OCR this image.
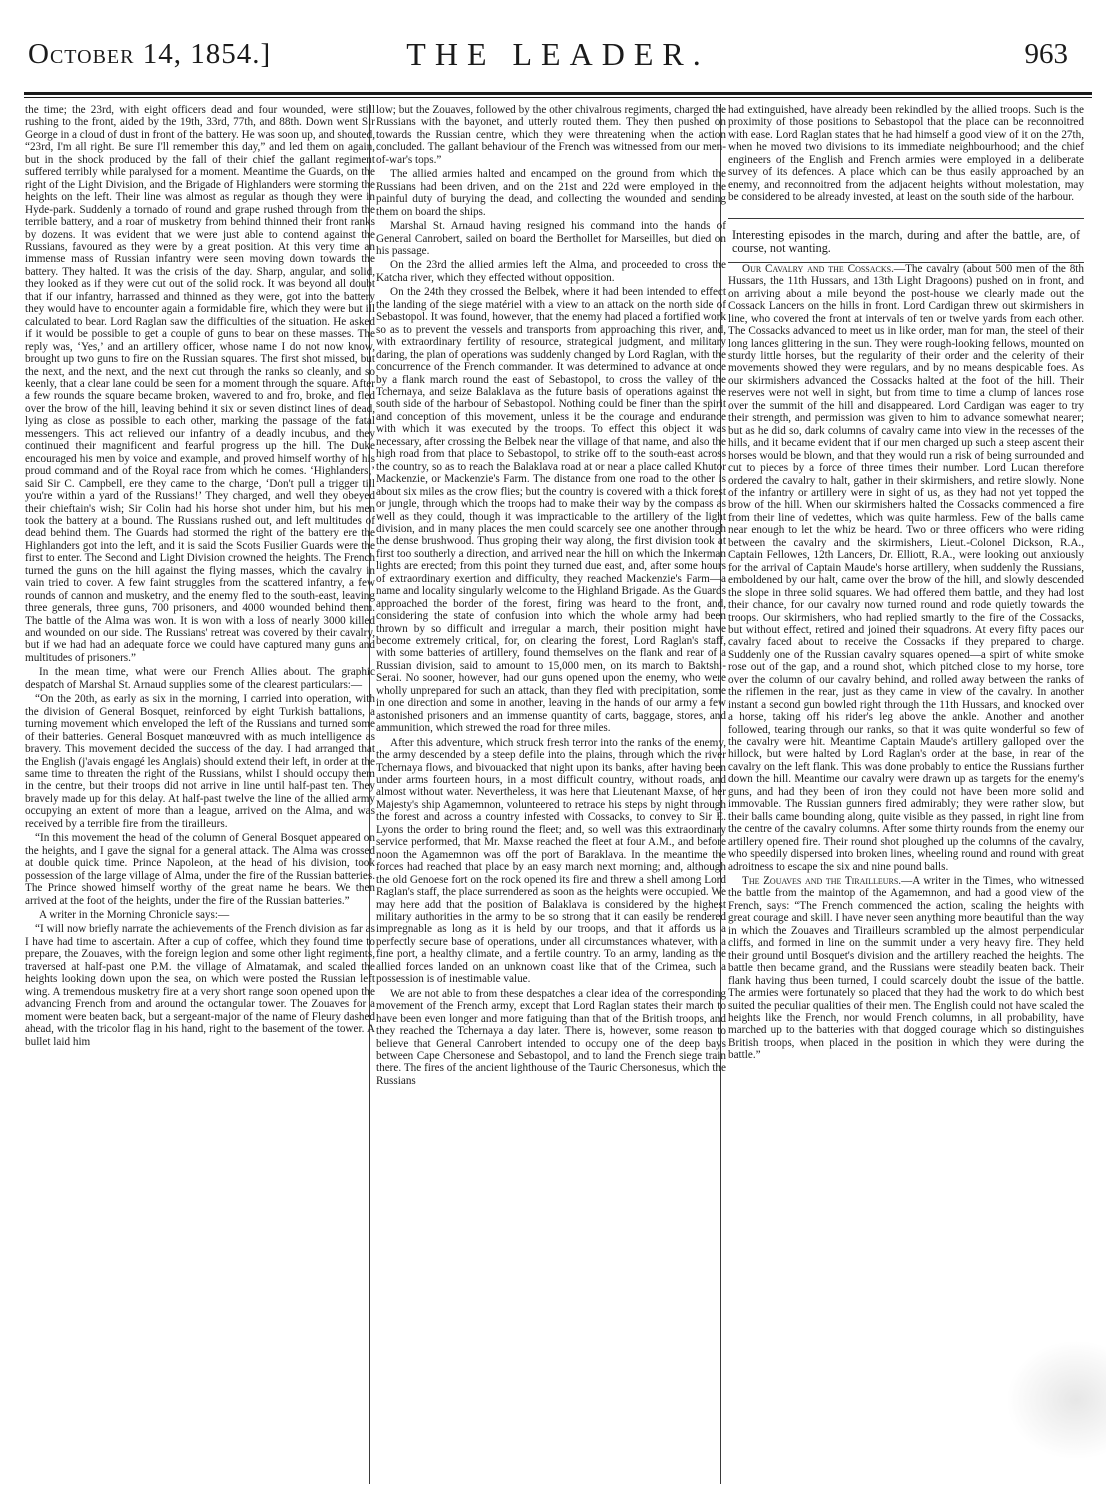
October 14, 1854.]	THE LEADER.	963

the time; the 23rd, with eight officers dead and four wounded, were still rushing to the front, aided by the 19th, 33rd, 77th, and 88th. Down went Sir George in a cloud of dust in front of the battery. He was soon up, and shouted, “23rd, I'm all right. Be sure I'll remember this day,” and led them on again, but in the shock produced by the fall of their chief the gallant regiment suffered terribly while paralysed for a moment. Meantime the Guards, on the right of the Light Division, and the Brigade of Highlanders were storming the heights on the left. Their line was almost as regular as though they were in Hyde-park. Suddenly a tornado of round and grape rushed through from the terrible battery, and a roar of musketry from behind thinned their front ranks by dozens. It was evident that we were just able to contend against the Russians, favoured as they were by a great position. At this very time an immense mass of Russian infantry were seen moving down towards the battery. They halted. It was the crisis of the day. Sharp, angular, and solid, they looked as if they were cut out of the solid rock. It was beyond all doubt that if our infantry, harrassed and thinned as they were, got into the battery they would have to encounter again a formidable fire, which they were but ill calculated to bear. Lord Raglan saw the difficulties of the situation. He asked if it would be possible to get a couple of guns to bear on these masses. The reply was, ‘Yes,’ and an artillery officer, whose name I do not now know, brought up two guns to fire on the Russian squares. The first shot missed, but the next, and the next, and the next cut through the ranks so cleanly, and so keenly, that a clear lane could be seen for a moment through the square. After a few rounds the square became broken, wavered to and fro, broke, and fled over the brow of the hill, leaving behind it six or seven distinct lines of dead, lying as close as possible to each other, marking the passage of the fatal messengers. This act relieved our infantry of a deadly incubus, and they continued their magnificent and fearful progress up the hill. The Duke encouraged his men by voice and example, and proved himself worthy of his proud command and of the Royal race from which he comes. ‘Highlanders,’ said Sir C. Campbell, ere they came to the charge, ‘Don't pull a trigger till you're within a yard of the Russians!’ They charged, and well they obeyed their chieftain's wish; Sir Colin had his horse shot under him, but his men took the battery at a bound. The Russians rushed out, and left multitudes of dead behind them. The Guards had stormed the right of the battery ere the Highlanders got into the left, and it is said the Scots Fusilier Guards were the first to enter. The Second and Light Division crowned the heights. The French turned the guns on the hill against the flying masses, which the cavalry in vain tried to cover. A few faint struggles from the scattered infantry, a few rounds of cannon and musketry, and the enemy fled to the south-east, leaving three generals, three guns, 700 prisoners, and 4000 wounded behind them. The battle of the Alma was won. It is won with a loss of nearly 3000 killed and wounded on our side. The Russians' retreat was covered by their cavalry, but if we had had an adequate force we could have captured many guns and multitudes of prisoners.”

In the mean time, what were our French Allies about. The graphic despatch of Marshal St. Arnaud supplies some of the clearest particulars:—

“On the 20th, as early as six in the morning, I carried into operation, with the division of General Bosquet, reinforced by eight Turkish battalions, a turning movement which enveloped the left of the Russians and turned some of their batteries. General Bosquet manœuvred with as much intelligence as bravery. This movement decided the success of the day. I had arranged that the English (j'avais engagé les Anglais) should extend their left, in order at the same time to threaten the right of the Russians, whilst I should occupy them in the centre, but their troops did not arrive in line until half-past ten. They bravely made up for this delay. At half-past twelve the line of the allied army occupying an extent of more than a league, arrived on the Alma, and was received by a terrible fire from the tirailleurs.

“In this movement the head of the column of General Bosquet appeared on the heights, and I gave the signal for a general attack. The Alma was crossed at double quick time. Prince Napoleon, at the head of his division, took possession of the large village of Alma, under the fire of the Russian batteries. The Prince showed himself worthy of the great name he bears. We then arrived at the foot of the heights, under the fire of the Russian batteries.”

A writer in the Morning Chronicle says:—

“I will now briefly narrate the achievements of the French division as far as I have had time to ascertain. After a cup of coffee, which they found time to prepare, the Zouaves, with the foreign legion and some other light regiments, traversed at half-past one P.M. the village of Almatamak, and scaled the heights looking down upon the sea, on which were posted the Russian left wing. A tremendous musketry fire at a very short range soon opened upon the advancing French from and around the octangular tower. The Zouaves for a moment were beaten back, but a sergeant-major of the name of Fleury dashed ahead, with the tricolor flag in his hand, right to the basement of the tower. A bullet laid him

low; but the Zouaves, followed by the other chivalrous regiments, charged the Russians with the bayonet, and utterly routed them. They then pushed on towards the Russian centre, which they were threatening when the action concluded. The gallant behaviour of the French was witnessed from our men-of-war's tops.”

The allied armies halted and encamped on the ground from which the Russians had been driven, and on the 21st and 22d were employed in the painful duty of burying the dead, and collecting the wounded and sending them on board the ships.

Marshal St. Arnaud having resigned his command into the hands of General Canrobert, sailed on board the Berthollet for Marseilles, but died on his passage.

On the 23rd the allied armies left the Alma, and proceeded to cross the Katcha river, which they effected without opposition.

On the 24th they crossed the Belbek, where it had been intended to effect the landing of the siege matériel with a view to an attack on the north side of Sebastopol. It was found, however, that the enemy had placed a fortified work so as to prevent the vessels and transports from approaching this river, and, with extraordinary fertility of resource, strategical judgment, and military daring, the plan of operations was suddenly changed by Lord Raglan, with the concurrence of the French commander. It was determined to advance at once by a flank march round the east of Sebastopol, to cross the valley of the Tchernaya, and seize Balaklava as the future basis of operations against the south side of the harbour of Sebastopol. Nothing could be finer than the spirit and conception of this movement, unless it be the courage and endurance with which it was executed by the troops. To effect this object it was necessary, after crossing the Belbek near the village of that name, and also the high road from that place to Sebastopol, to strike off to the south-east across the country, so as to reach the Balaklava road at or near a place called Khutor Mackenzie, or Mackenzie's Farm. The distance from one road to the other is about six miles as the crow flies; but the country is covered with a thick forest or jungle, through which the troops had to make their way by the compass as well as they could, though it was impracticable to the artillery of the light division, and in many places the men could scarcely see one another through the dense brushwood. Thus groping their way along, the first division took at first too southerly a direction, and arrived near the hill on which the Inkerman lights are erected; from this point they turned due east, and, after some hours of extraordinary exertion and difficulty, they reached Mackenzie's Farm—a name and locality singularly welcome to the Highland Brigade. As the Guards approached the border of the forest, firing was heard to the front, and, considering the state of confusion into which the whole army had been thrown by so difficult and irregular a march, their position might have become extremely critical, for, on clearing the forest, Lord Raglan's staff, with some batteries of artillery, found themselves on the flank and rear of a Russian division, said to amount to 15,000 men, on its march to Baktshi-Serai. No sooner, however, had our guns opened upon the enemy, who were wholly unprepared for such an attack, than they fled with precipitation, some in one direction and some in another, leaving in the hands of our army a few astonished prisoners and an immense quantity of carts, baggage, stores, and ammunition, which strewed the road for three miles.

After this adventure, which struck fresh terror into the ranks of the enemy, the army descended by a steep defile into the plains, through which the river Tchernaya flows, and bivouacked that night upon its banks, after having been under arms fourteen hours, in a most difficult country, without roads, and almost without water. Nevertheless, it was here that Lieutenant Maxse, of her Majesty's ship Agamemnon, volunteered to retrace his steps by night through the forest and across a country infested with Cossacks, to convey to Sir E. Lyons the order to bring round the fleet; and, so well was this extraordinary service performed, that Mr. Maxse reached the fleet at four A.M., and before noon the Agamemnon was off the port of Baraklava. In the meantime the forces had reached that place by an easy march next morning; and, although the old Genoese fort on the rock opened its fire and threw a shell among Lord Raglan's staff, the place surrendered as soon as the heights were occupied. We may here add that the position of Balaklava is considered by the highest military authorities in the army to be so strong that it can easily be rendered impregnable as long as it is held by our troops, and that it affords us a perfectly secure base of operations, under all circumstances whatever, with a fine port, a healthy climate, and a fertile country. To an army, landing as the allied forces landed on an unknown coast like that of the Crimea, such a possession is of inestimable value.

We are not able to from these despatches a clear idea of the corresponding movement of the French army, except that Lord Raglan states their march to have been even longer and more fatiguing than that of the British troops, and they reached the Tchernaya a day later. There is, however, some reason to believe that General Canrobert intended to occupy one of the deep bays between Cape Chersonese and Sebastopol, and to land the French siege train there. The fires of the ancient lighthouse of the Tauric Chersonesus, which the Russians

had extinguished, have already been rekindled by the allied troops. Such is the proximity of those positions to Sebastopol that the place can be reconnoitred with ease. Lord Raglan states that he had himself a good view of it on the 27th, when he moved two divisions to its immediate neighbourhood; and the chief engineers of the English and French armies were employed in a deliberate survey of its defences. A place which can be thus easily approached by an enemy, and reconnoitred from the adjacent heights without molestation, may be considered to be already invested, at least on the south side of the harbour.

Interesting episodes in the march, during and after the battle, are, of course, not wanting.

Our Cavalry and the Cossacks.—The cavalry (about 500 men of the 8th Hussars, the 11th Hussars, and 13th Light Dragoons) pushed on in front, and on arriving about a mile beyond the post-house we clearly made out the Cossack Lancers on the hills in front. Lord Cardigan threw out skirmishers in line, who covered the front at intervals of ten or twelve yards from each other. The Cossacks advanced to meet us in like order, man for man, the steel of their long lances glittering in the sun. They were rough-looking fellows, mounted on sturdy little horses, but the regularity of their order and the celerity of their movements showed they were regulars, and by no means despicable foes. As our skirmishers advanced the Cossacks halted at the foot of the hill. Their reserves were not well in sight, but from time to time a clump of lances rose over the summit of the hill and disappeared. Lord Cardigan was eager to try their strength, and permission was given to him to advance somewhat nearer; but as he did so, dark columns of cavalry came into view in the recesses of the hills, and it became evident that if our men charged up such a steep ascent their horses would be blown, and that they would run a risk of being surrounded and cut to pieces by a force of three times their number. Lord Lucan therefore ordered the cavalry to halt, gather in their skirmishers, and retire slowly. None of the infantry or artillery were in sight of us, as they had not yet topped the brow of the hill. When our skirmishers halted the Cossacks commenced a fire from their line of vedettes, which was quite harmless. Few of the balls came near enough to let the whiz be heard. Two or three officers who were riding between the cavalry and the skirmishers, Lieut.-Colonel Dickson, R.A., Captain Fellowes, 12th Lancers, Dr. Elliott, R.A., were looking out anxiously for the arrival of Captain Maude's horse artillery, when suddenly the Russians, emboldened by our halt, came over the brow of the hill, and slowly descended the slope in three solid squares. We had offered them battle, and they had lost their chance, for our cavalry now turned round and rode quietly towards the troops. Our skirmishers, who had replied smartly to the fire of the Cossacks, but without effect, retired and joined their squadrons. At every fifty paces our cavalry faced about to receive the Cossacks if they prepared to charge. Suddenly one of the Russian cavalry squares opened—a spirt of white smoke rose out of the gap, and a round shot, which pitched close to my horse, tore over the column of our cavalry behind, and rolled away between the ranks of the riflemen in the rear, just as they came in view of the cavalry. In another instant a second gun bowled right through the 11th Hussars, and knocked over a horse, taking off his rider's leg above the ankle. Another and another followed, tearing through our ranks, so that it was quite wonderful so few of the cavalry were hit. Meantime Captain Maude's artillery galloped over the hillock, but were halted by Lord Raglan's order at the base, in rear of the cavalry on the left flank. This was done probably to entice the Russians further down the hill. Meantime our cavalry were drawn up as targets for the enemy's guns, and had they been of iron they could not have been more solid and immovable. The Russian gunners fired admirably; they were rather slow, but their balls came bounding along, quite visible as they passed, in right line from the centre of the cavalry columns. After some thirty rounds from the enemy our artillery opened fire. Their round shot ploughed up the columns of the cavalry, who speedily dispersed into broken lines, wheeling round and round with great adroitness to escape the six and nine pound balls.

The Zouaves and the Tirailleurs.—A writer in the Times, who witnessed the battle from the maintop of the Agamemnon, and had a good view of the French, says: “The French commenced the action, scaling the heights with great courage and skill. I have never seen anything more beautiful than the way in which the Zouaves and Tirailleurs scrambled up the almost perpendicular cliffs, and formed in line on the summit under a very heavy fire. They held their ground until Bosquet's division and the artillery reached the heights. The battle then became grand, and the Russians were steadily beaten back. Their flank having thus been turned, I could scarcely doubt the issue of the battle. The armies were fortunately so placed that they had the work to do which best suited the peculiar qualities of their men. The English could not have scaled the heights like the French, nor would French columns, in all probability, have marched up to the batteries with that dogged courage which so distinguishes British troops, when placed in the position in which they were during the battle.”
